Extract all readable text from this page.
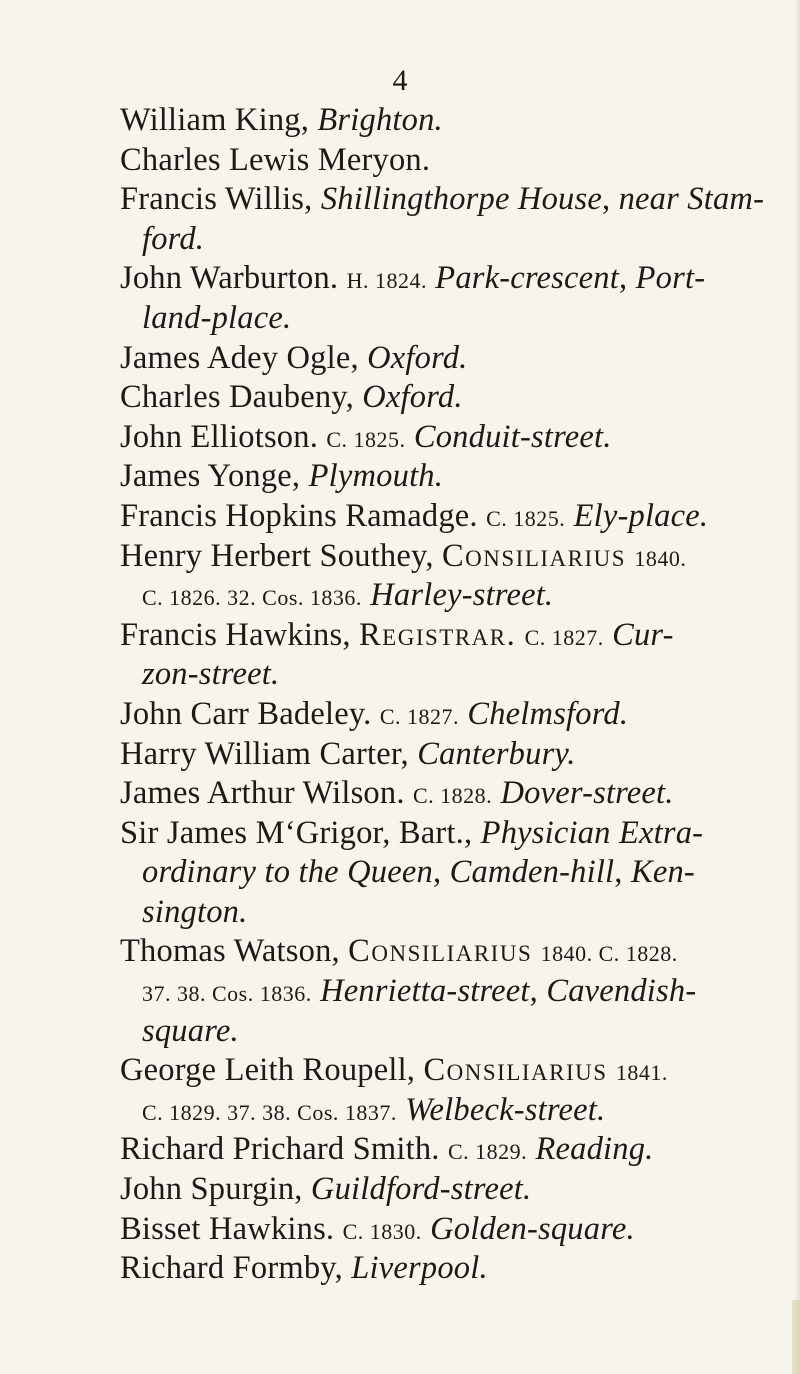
4
William King, Brighton.
Charles Lewis Meryon.
Francis Willis, Shillingthorpe House, near Stam-
ford.
John Warburton. H. 1824. Park-crescent, Port-
land-place.
James Adey Ogle, Oxford.
Charles Daubeny, Oxford.
John Elliotson. C. 1825. Conduit-street.
James Yonge, Plymouth.
Francis Hopkins Ramadge. C. 1825. Ely-place.
Henry Herbert Southey, Consiliarius 1840.
C. 1826. 32. Cos. 1836. Harley-street.
Francis Hawkins, Registrar. C. 1827. Cur-
zon-street.
John Carr Badeley. C. 1827. Chelmsford.
Harry William Carter, Canterbury.
James Arthur Wilson. C. 1828. Dover-street.
Sir James M‘Grigor, Bart., Physician Extra-
ordinary to the Queen, Camden-hill, Ken-
sington.
Thomas Watson, Consiliarius 1840. C. 1828.
37. 38. Cos. 1836. Henrietta-street, Cavendish-
square.
George Leith Roupell, Consiliarius 1841.
C. 1829. 37. 38. Cos. 1837. Welbeck-street.
Richard Prichard Smith. C. 1829. Reading.
John Spurgin, Guildford-street.
Bisset Hawkins. C. 1830. Golden-square.
Richard Formby, Liverpool.
